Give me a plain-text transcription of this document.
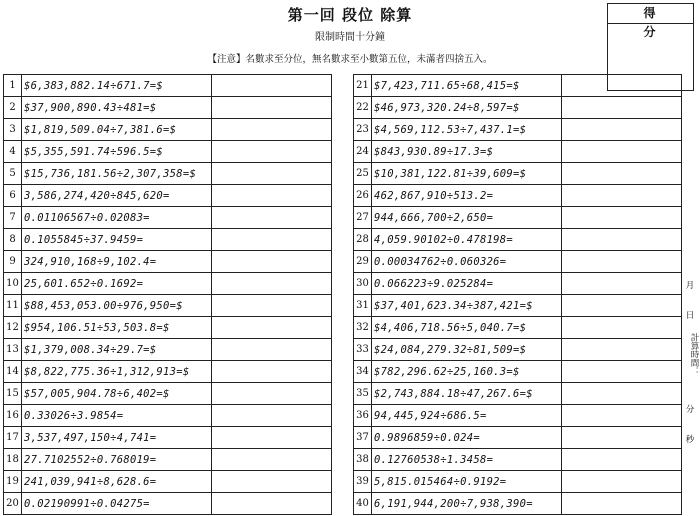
第一回 段位 除算
限制時間十分鐘
【注意】名數求至分位，無名數求至小數第五位，未滿者四捨五入。
得 分
1	$6,383,882.14÷671.7=$	
2	$37,900,890.43÷481=$	
3	$1,819,509.04÷7,381.6=$	
4	$5,355,591.74÷596.5=$	
5	$15,736,181.56÷2,307,358=$	
6	3,586,274,420÷845,620=	
7	0.01106567÷0.02083=	
8	0.1055845÷37.9459=	
9	324,910,168÷9,102.4=	
10	25,601.652÷0.1692=	
11	$88,453,053.00÷976,950=$	
12	$954,106.51÷53,503.8=$	
13	$1,379,008.34÷29.7=$	
14	$8,822,775.36÷1,312,913=$	
15	$57,005,904.78÷6,402=$	
16	0.33026÷3.9854=	
17	3,537,497,150÷4,741=	
18	27.7102552÷0.768019=	
19	241,039,941÷8,628.6=	
20	0.02190991÷0.04275=	
21	$7,423,711.65÷68,415=$	
22	$46,973,320.24÷8,597=$	
23	$4,569,112.53÷7,437.1=$	
24	$843,930.89÷17.3=$	
25	$10,381,122.81÷39,609=$	
26	462,867,910÷513.2=	
27	944,666,700÷2,650=	
28	4,059.90102÷0.478198=	
29	0.00034762÷0.060326=	
30	0.066223÷9.025284=	
31	$37,401,623.34÷387,421=$	
32	$4,406,718.56÷5,040.7=$	
33	$24,084,279.32÷81,509=$	
34	$782,296.62÷25,160.3=$	
35	$2,743,884.18÷47,267.6=$	
36	94,445,924÷686.5=	
37	0.9896859÷0.024=	
38	0.12760538÷1.3458=	
39	5,815.015464÷0.9192=	
40	6,191,944,200÷7,938,390=	
月
日
計算時間：
分
秒
